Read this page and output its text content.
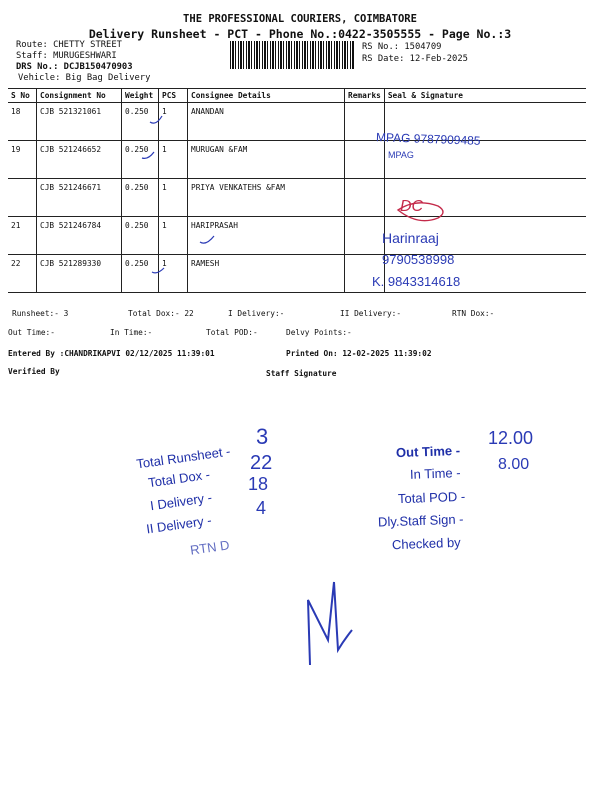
THE PROFESSIONAL COURIERS, COIMBATORE
Delivery Runsheet - PCT - Phone No.:0422-3505555 - Page No.:3
Route: CHETTY STREET
Staff: MURUGESHWARI
DRS No.: DCJB150470903
Vehicle: Big Bag Delivery
RS No.: 1504709
RS Date: 12-Feb-2025
S No	Consignment No	Weight	PCS	Consignee Details	Remarks	Seal & Signature
18	CJB 521321061	0.250	1	ANANDAN		
19	CJB 521246652	0.250	1	MURUGAN &FAM		
	CJB 521246671	0.250	1	PRIYA VENKATEHS &FAM		
21	CJB 521246784	0.250	1	HARIPRASAH		
22	CJB 521289330	0.250	1	RAMESH		
MPAG 9787909485
MPAG
DC
Harinraaj
9790538998
K. 9843314618
Runsheet:- 3	Total Dox:- 22	I Delivery:-	II Delivery:-	RTN Dox:-
Out Time:-	In Time:-	Total POD:-	Delvy Points:-
Entered By :CHANDRIKAPVI 02/12/2025 11:39:01	Printed On: 12-02-2025 11:39:02
Verified By	Staff Signature
Total Runsheet -
Total Dox -
I Delivery -
II Delivery -
RTN D
3
22
18
4
Out Time -
In Time -
Total POD -
Dly.Staff Sign -
Checked by
12.00
8.00
